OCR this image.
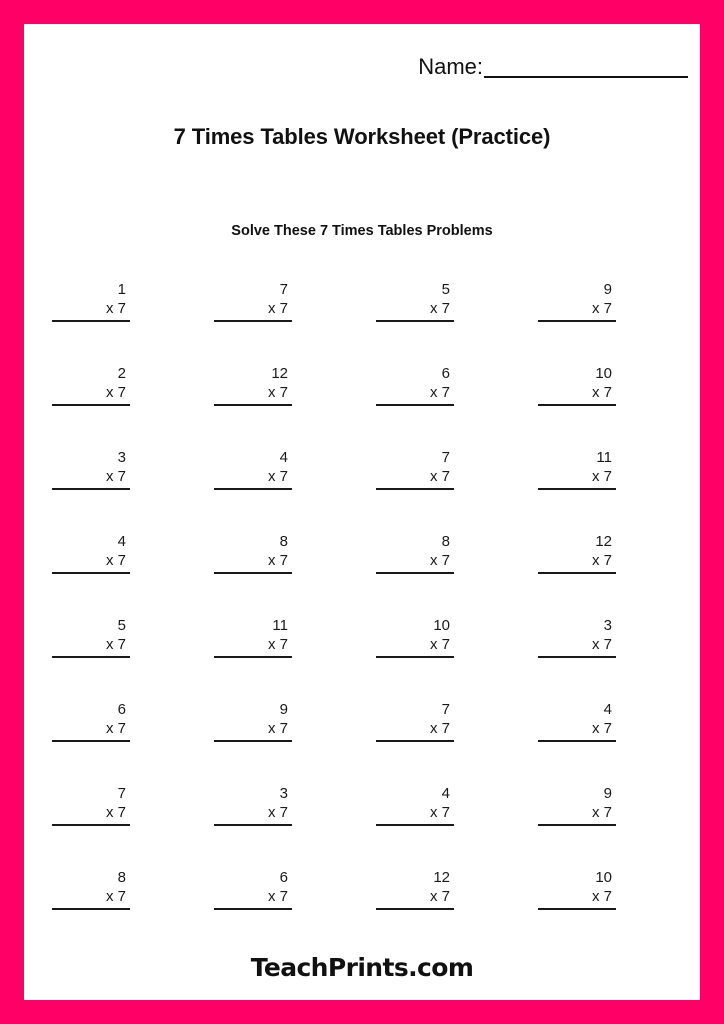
Name:
7 Times Tables Worksheet (Practice)
Solve These 7 Times Tables Problems
1
x 7
7
x 7
5
x 7
9
x 7
2
x 7
12
x 7
6
x 7
10
x 7
3
x 7
4
x 7
7
x 7
11
x 7
4
x 7
8
x 7
8
x 7
12
x 7
5
x 7
11
x 7
10
x 7
3
x 7
6
x 7
9
x 7
7
x 7
4
x 7
7
x 7
3
x 7
4
x 7
9
x 7
8
x 7
6
x 7
12
x 7
10
x 7
TeachPrints.com
